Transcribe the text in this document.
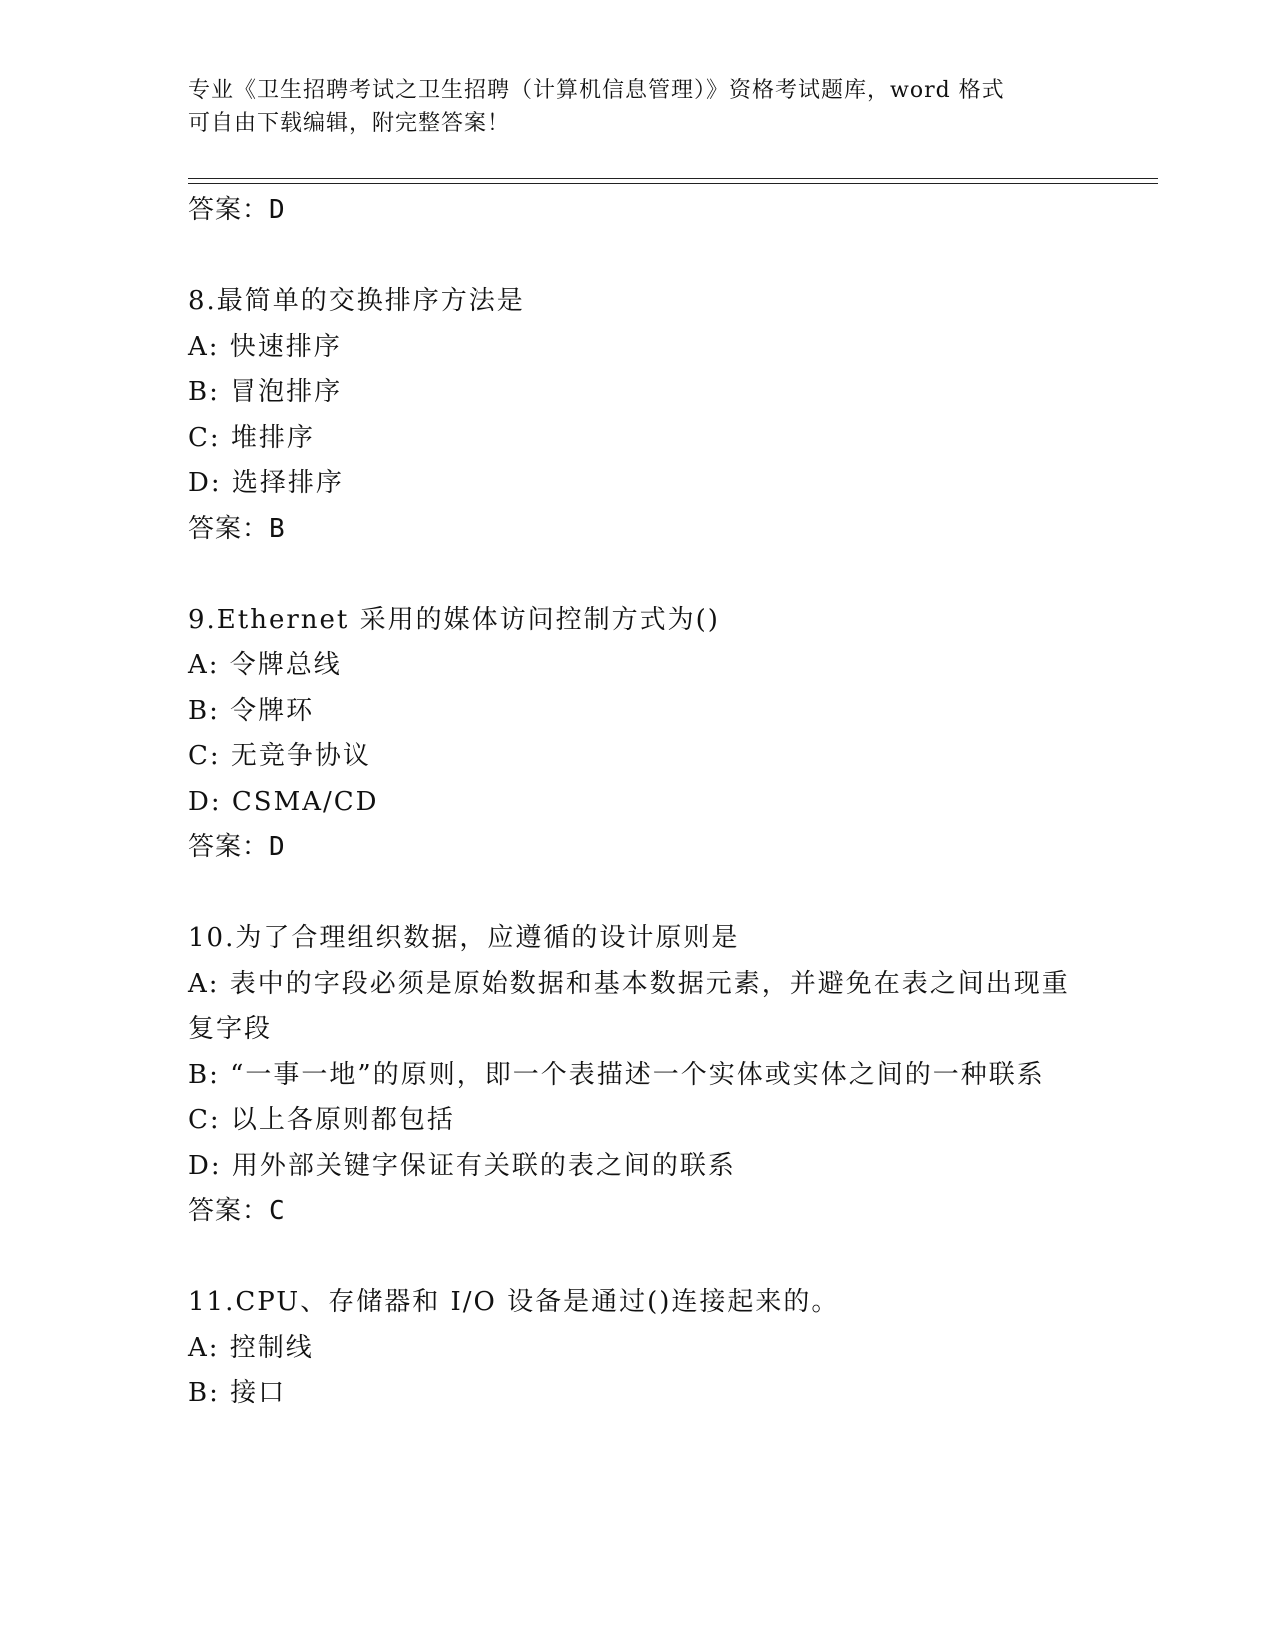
专业《卫生招聘考试之卫生招聘（计算机信息管理）》资格考试题库，word 格式
可自由下载编辑，附完整答案！
答案：D
8.最简单的交换排序方法是
A: 快速排序
B: 冒泡排序
C: 堆排序
D: 选择排序
答案：B
9.Ethernet 采用的媒体访问控制方式为()
A: 令牌总线
B: 令牌环
C: 无竞争协议
D: CSMA/CD
答案：D
10.为了合理组织数据，应遵循的设计原则是
A: 表中的字段必须是原始数据和基本数据元素，并避免在表之间出现重复字段
B: “一事一地”的原则，即一个表描述一个实体或实体之间的一种联系
C: 以上各原则都包括
D: 用外部关键字保证有关联的表之间的联系
答案：C
11.CPU、存储器和 I/O 设备是通过()连接起来的。
A: 控制线
B: 接口
